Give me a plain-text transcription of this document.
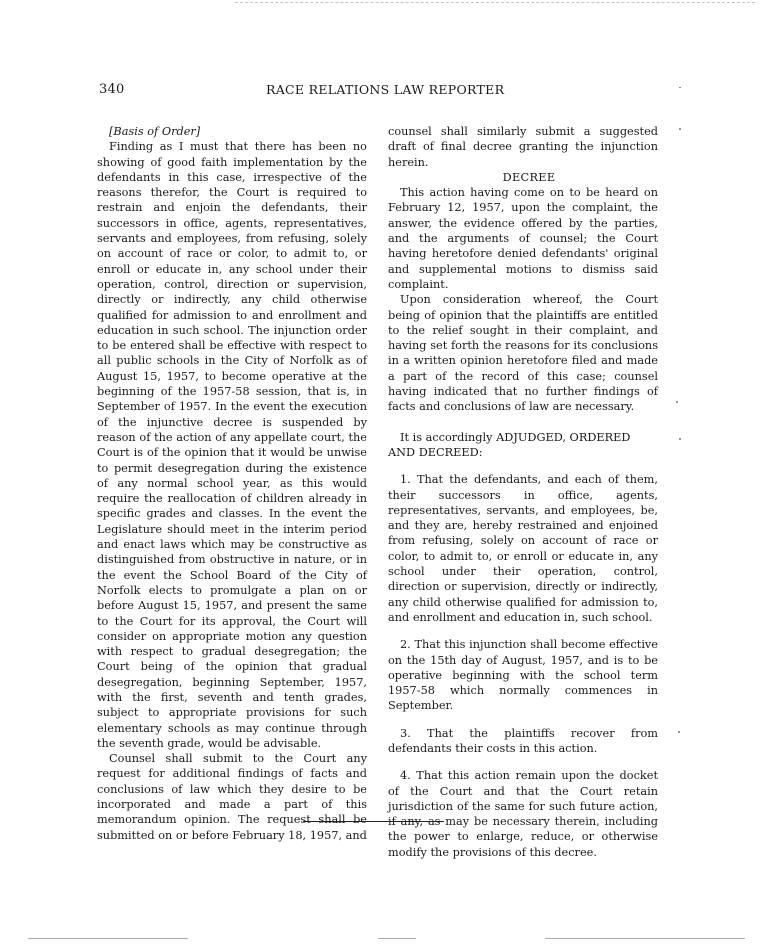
340	RACE RELATIONS LAW REPORTER

[Basis of Order]

Finding as I must that there has been no showing of good faith implementation by the defendants in this case, irrespective of the reasons therefor, the Court is required to restrain and enjoin the defendants, their successors in office, agents, representatives, servants and employees, from refusing, solely on account of race or color, to admit to, or enroll or educate in, any school under their operation, control, direction or supervision, directly or indirectly, any child otherwise qualified for admission to and enrollment and education in such school. The injunction order to be entered shall be effective with respect to all public schools in the City of Norfolk as of August 15, 1957, to become operative at the beginning of the 1957-58 session, that is, in September of 1957. In the event the execution of the injunctive decree is suspended by reason of the action of any appellate court, the Court is of the opinion that it would be unwise to permit desegregation during the existence of any normal school year, as this would require the reallocation of children already in specific grades and classes. In the event the Legislature should meet in the interim period and enact laws which may be constructive as distinguished from obstructive in nature, or in the event the School Board of the City of Norfolk elects to promulgate a plan on or before August 15, 1957, and present the same to the Court for its approval, the Court will consider on appropriate motion any question with respect to gradual desegregation; the Court being of the opinion that gradual desegregation, beginning September, 1957, with the first, seventh and tenth grades, subject to appropriate provisions for such elementary schools as may continue through the seventh grade, would be advisable.

Counsel shall submit to the Court any request for additional findings of facts and conclusions of law which they desire to be incorporated and made a part of this memorandum opinion. The request shall be submitted on or before February 18, 1957, and

counsel shall similarly submit a suggested draft of final decree granting the injunction herein.

DECREE

This action having come on to be heard on February 12, 1957, upon the complaint, the answer, the evidence offered by the parties, and the arguments of counsel; the Court having heretofore denied defendants' original and supplemental motions to dismiss said complaint.

Upon consideration whereof, the Court being of opinion that the plaintiffs are entitled to the relief sought in their complaint, and having set forth the reasons for its conclusions in a written opinion heretofore filed and made a part of the record of this case; counsel having indicated that no further findings of facts and conclusions of law are necessary.

It is accordingly ADJUDGED, ORDERED AND DECREED:

1. That the defendants, and each of them, their successors in office, agents, representatives, servants, and employees, be, and they are, hereby restrained and enjoined from refusing, solely on account of race or color, to admit to, or enroll or educate in, any school under their operation, control, direction or supervision, directly or indirectly, any child otherwise qualified for admission to, and enrollment and education in, such school.

2. That this injunction shall become effective on the 15th day of August, 1957, and is to be operative beginning with the school term 1957-58 which normally commences in September.

3. That the plaintiffs recover from defendants their costs in this action.

4. That this action remain upon the docket of the Court and that the Court retain jurisdiction of the same for such future action, if any, as may be necessary therein, including the power to enlarge, reduce, or otherwise modify the provisions of this decree.
